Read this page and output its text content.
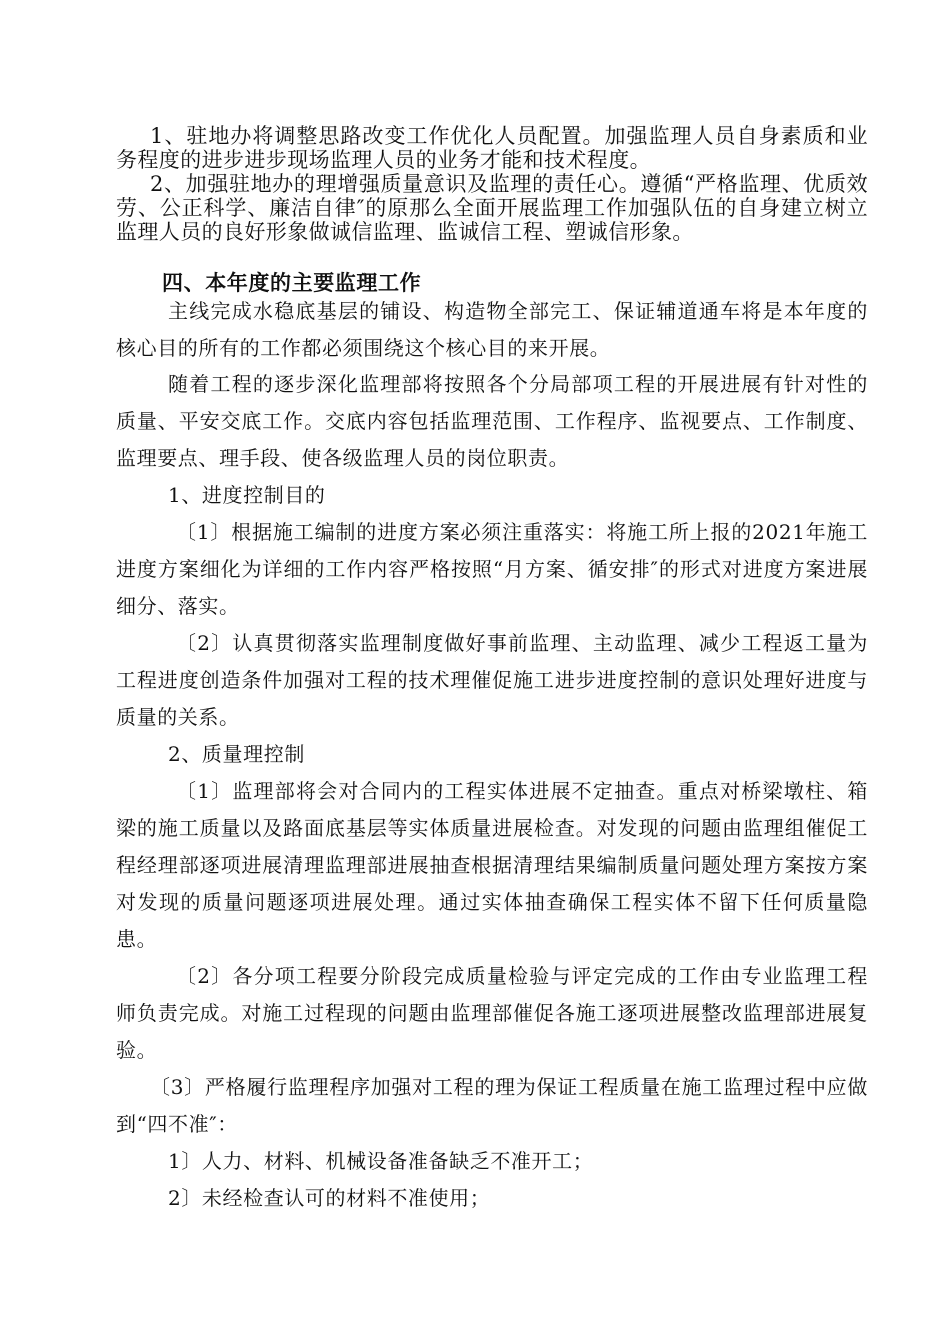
1、驻地办将调整思路改变工作优化人员配置。加强监理人员自身素质和业务程度的进步进步现场监理人员的业务才能和技术程度。

2、加强驻地办的理增强质量意识及监理的责任心。遵循“严格监理、优质效劳、公正科学、廉洁自律″的原那么全面开展监理工作加强队伍的自身建立树立监理人员的良好形象做诚信监理、监诚信工程、塑诚信形象。

四、本年度的主要监理工作

主线完成水稳底基层的铺设、构造物全部完工、保证辅道通车将是本年度的核心目的所有的工作都必须围绕这个核心目的来开展。

随着工程的逐步深化监理部将按照各个分局部项工程的开展进展有针对性的质量、平安交底工作。交底内容包括监理范围、工作程序、监视要点、工作制度、监理要点、理手段、使各级监理人员的岗位职责。

1、进度控制目的

〔1〕根据施工编制的进度方案必须注重落实：将施工所上报的2021年施工进度方案细化为详细的工作内容严格按照“月方案、循安排″的形式对进度方案进展细分、落实。

〔2〕认真贯彻落实监理制度做好事前监理、主动监理、减少工程返工量为工程进度创造条件加强对工程的技术理催促施工进步进度控制的意识处理好进度与质量的关系。

2、质量理控制

〔1〕监理部将会对合同内的工程实体进展不定抽查。重点对桥梁墩柱、箱梁的施工质量以及路面底基层等实体质量进展检查。对发现的问题由监理组催促工程经理部逐项进展清理监理部进展抽查根据清理结果编制质量问题处理方案按方案对发现的质量问题逐项进展处理。通过实体抽查确保工程实体不留下任何质量隐患。

〔2〕各分项工程要分阶段完成质量检验与评定完成的工作由专业监理工程师负责完成。对施工过程现的问题由监理部催促各施工逐项进展整改监理部进展复验。

〔3〕严格履行监理程序加强对工程的理为保证工程质量在施工监理过程中应做到“四不准″：

1〕人力、材料、机械设备准备缺乏不准开工；

2〕未经检查认可的材料不准使用；
